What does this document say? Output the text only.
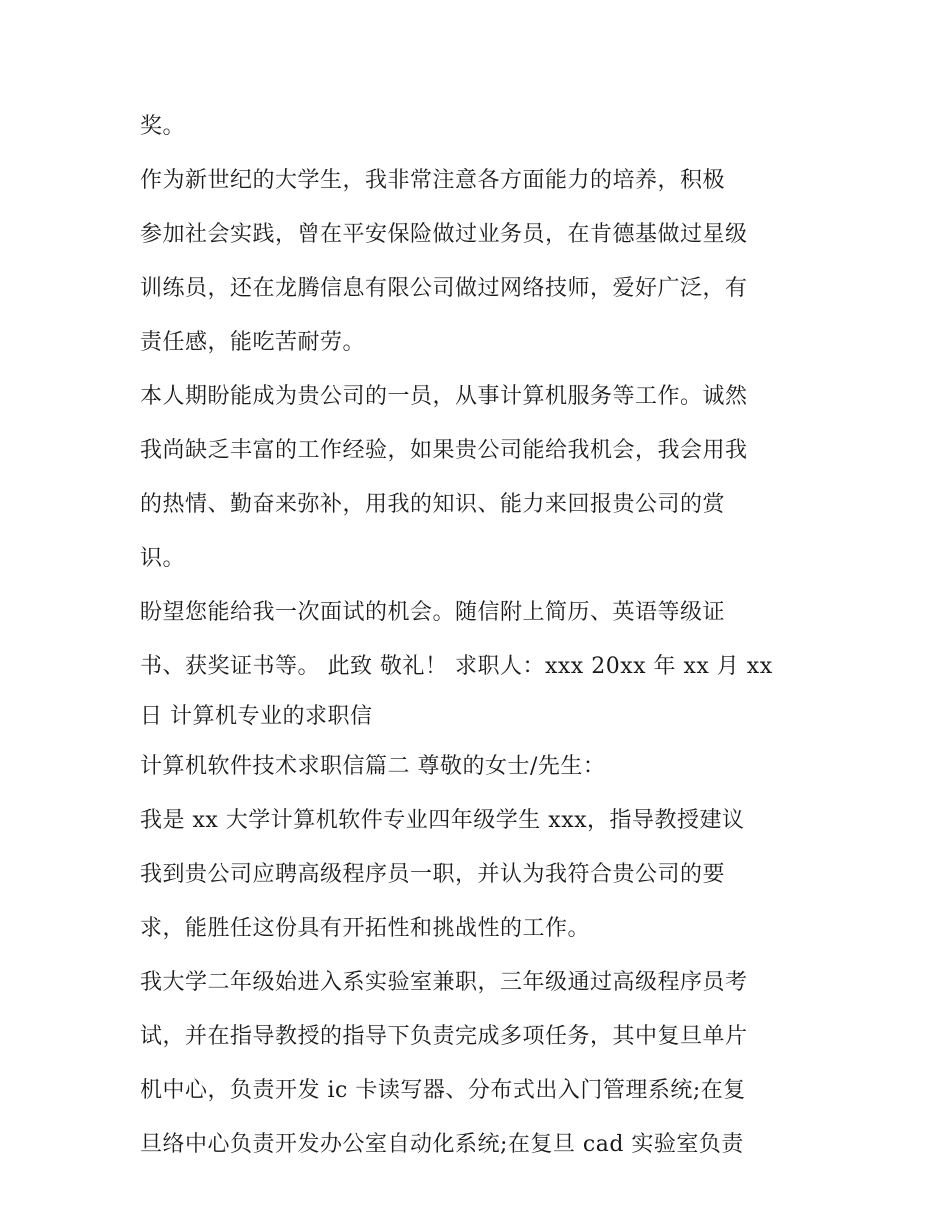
奖。
作为新世纪的大学生，我非常注意各方面能力的培养，积极
参加社会实践，曾在平安保险做过业务员，在肯德基做过星级
训练员，还在龙腾信息有限公司做过网络技师，爱好广泛，有
责任感，能吃苦耐劳。
本人期盼能成为贵公司的一员，从事计算机服务等工作。诚然
我尚缺乏丰富的工作经验，如果贵公司能给我机会，我会用我
的热情、勤奋来弥补，用我的知识、能力来回报贵公司的赏
识。
盼望您能给我一次面试的机会。随信附上简历、英语等级证
书、获奖证书等。 此致 敬礼！ 求职人：xxx 20xx 年 xx 月 xx
日 计算机专业的求职信
计算机软件技术求职信篇二 尊敬的女士/先生：
我是 xx 大学计算机软件专业四年级学生 xxx，指导教授建议
我到贵公司应聘高级程序员一职，并认为我符合贵公司的要
求，能胜任这份具有开拓性和挑战性的工作。
我大学二年级始进入系实验室兼职，三年级通过高级程序员考
试，并在指导教授的指导下负责完成多项任务，其中复旦单片
机中心，负责开发 ic 卡读写器、分布式出入门管理系统;在复
旦络中心负责开发办公室自动化系统;在复旦 cad 实验室负责
